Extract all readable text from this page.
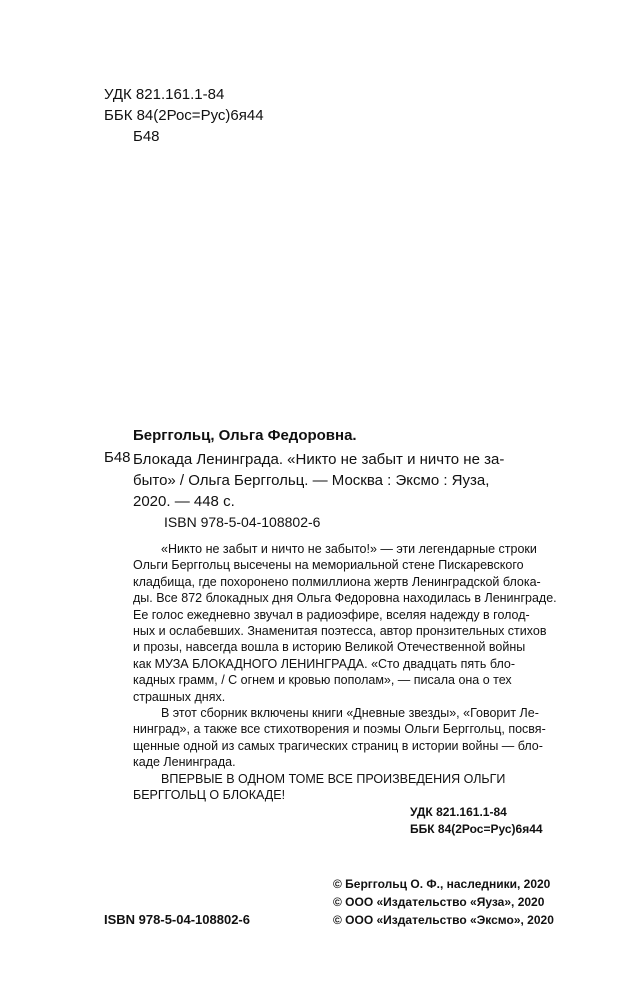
УДК 821.161.1-84
ББК 84(2Рос=Рус)6я44
Б48
Берггольц, Ольга Федоровна.
Б48 Блокада Ленинграда. «Никто не забыт и ничто не за-
быто» / Ольга Берггольц. — Москва : Эксмо : Яуза,
2020. — 448 с.
ISBN 978-5-04-108802-6
«Никто не забыт и ничто не забыто!» — эти легендарные строки
Ольги Берггольц высечены на мемориальной стене Пискаревского
кладбища, где похоронено полмиллиона жертв Ленинградской блока-
ды. Все 872 блокадных дня Ольга Федоровна находилась в Ленинграде.
Ее голос ежедневно звучал в радиоэфире, вселяя надежду в голод-
ных и ослабевших. Знаменитая поэтесса, автор пронзительных стихов
и прозы, навсегда вошла в историю Великой Отечественной войны
как МУЗА БЛОКАДНОГО ЛЕНИНГРАДА. «Сто двадцать пять бло-
кадных грамм, / С огнем и кровью пополам», — писала она о тех
страшных днях.
В этот сборник включены книги «Дневные звезды», «Говорит Ле-
нинград», а также все стихотворения и поэмы Ольги Берггольц, посвя-
щенные одной из самых трагических страниц в истории войны — бло-
каде Ленинграда.
ВПЕРВЫЕ В ОДНОМ ТОМЕ ВСЕ ПРОИЗВЕДЕНИЯ ОЛЬГИ
БЕРГГОЛЬЦ О БЛОКАДЕ!
УДК 821.161.1-84
ББК 84(2Рос=Рус)6я44
© Берггольц О. Ф., наследники, 2020
© ООО «Издательство «Яуза», 2020
© ООО «Издательство «Эксмо», 2020
ISBN 978-5-04-108802-6
